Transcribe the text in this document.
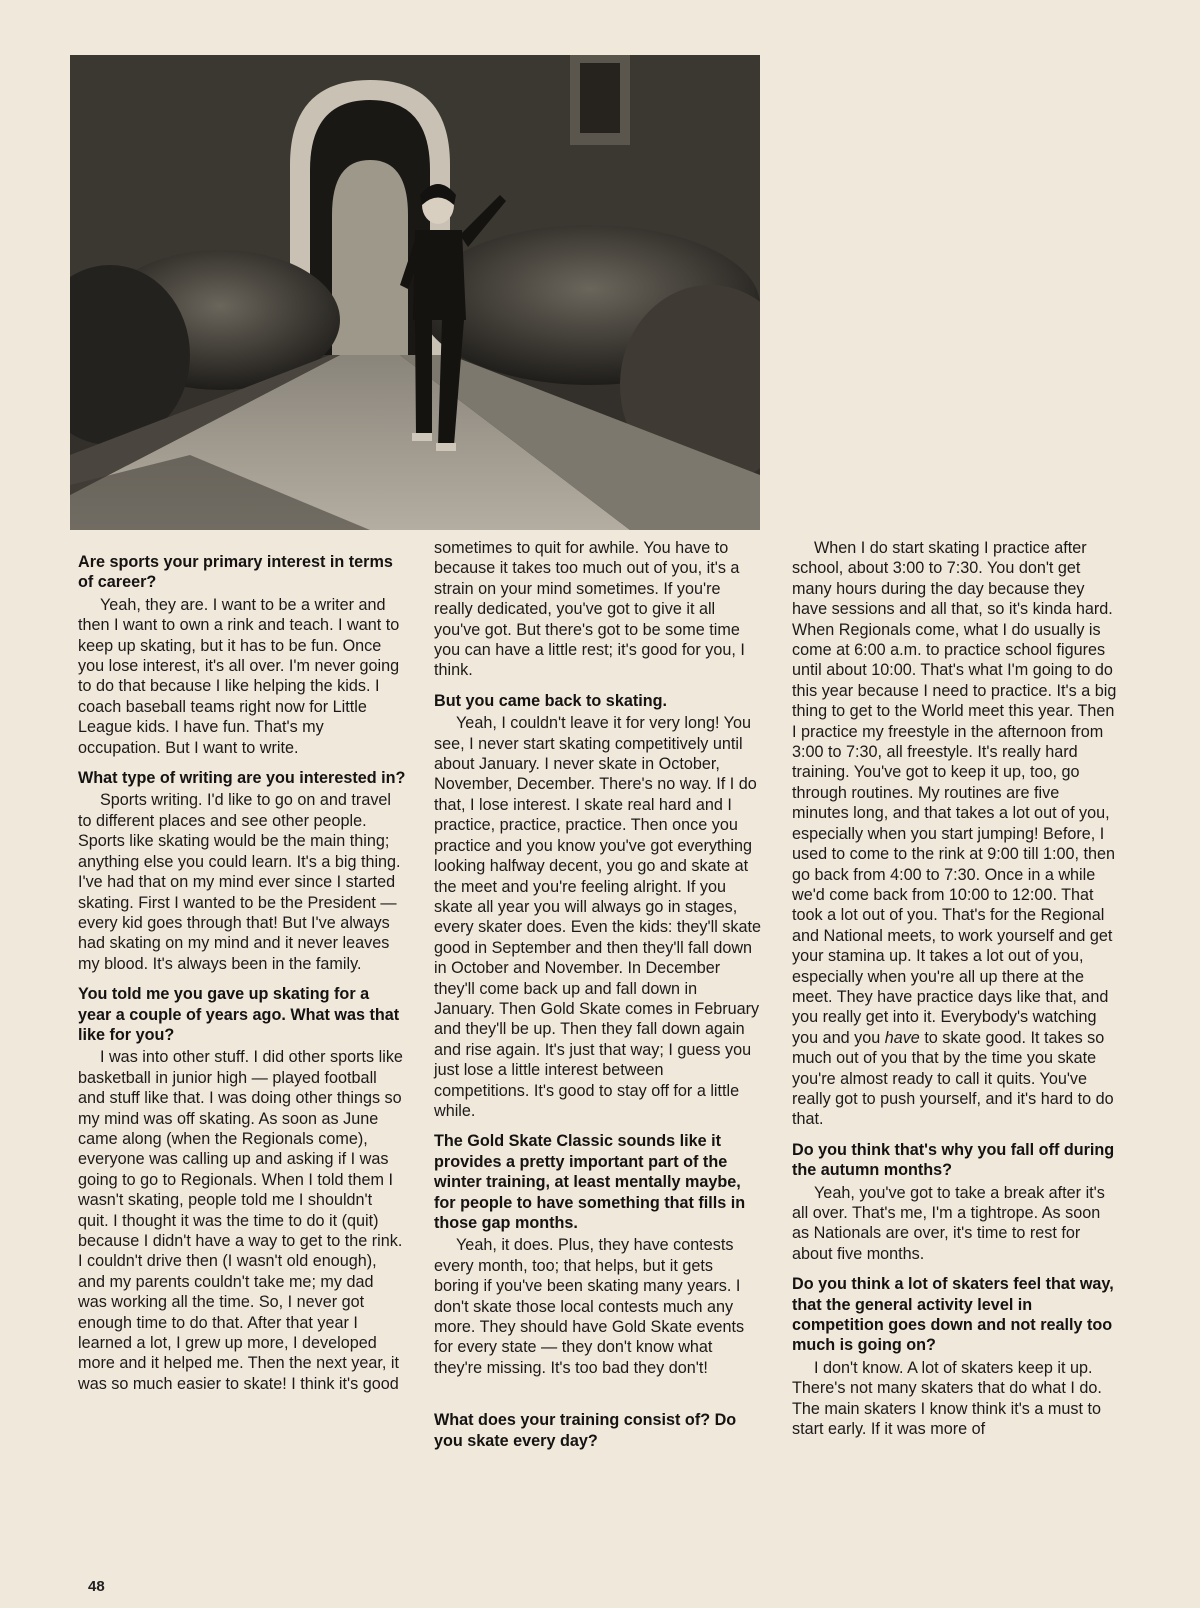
Are sports your primary interest in terms of career?

Yeah, they are. I want to be a writer and then I want to own a rink and teach. I want to keep up skating, but it has to be fun. Once you lose interest, it's all over. I'm never going to do that because I like helping the kids. I coach baseball teams right now for Little League kids. I have fun. That's my occupation. But I want to write.

What type of writing are you interested in?

Sports writing. I'd like to go on and travel to different places and see other people. Sports like skating would be the main thing; anything else you could learn. It's a big thing. I've had that on my mind ever since I started skating. First I wanted to be the President — every kid goes through that! But I've always had skating on my mind and it never leaves my blood. It's always been in the family.

You told me you gave up skating for a year a couple of years ago. What was that like for you?

I was into other stuff. I did other sports like basketball in junior high — played football and stuff like that. I was doing other things so my mind was off skating. As soon as June came along (when the Regionals come), everyone was calling up and asking if I was going to go to Regionals. When I told them I wasn't skating, people told me I shouldn't quit. I thought it was the time to do it (quit) because I didn't have a way to get to the rink. I couldn't drive then (I wasn't old enough), and my parents couldn't take me; my dad was working all the time. So, I never got enough time to do that. After that year I learned a lot, I grew up more, I developed more and it helped me. Then the next year, it was so much easier to skate! I think it's good

sometimes to quit for awhile. You have to because it takes too much out of you, it's a strain on your mind sometimes. If you're really dedicated, you've got to give it all you've got. But there's got to be some time you can have a little rest; it's good for you, I think.

But you came back to skating.

Yeah, I couldn't leave it for very long! You see, I never start skating competitively until about January. I never skate in October, November, December. There's no way. If I do that, I lose interest. I skate real hard and I practice, practice, practice. Then once you practice and you know you've got everything looking halfway decent, you go and skate at the meet and you're feeling alright. If you skate all year you will always go in stages, every skater does. Even the kids: they'll skate good in September and then they'll fall down in October and November. In December they'll come back up and fall down in January. Then Gold Skate comes in February and they'll be up. Then they fall down again and rise again. It's just that way; I guess you just lose a little interest between competitions. It's good to stay off for a little while.

The Gold Skate Classic sounds like it provides a pretty important part of the winter training, at least mentally maybe, for people to have something that fills in those gap months.

Yeah, it does. Plus, they have contests every month, too; that helps, but it gets boring if you've been skating many years. I don't skate those local contests much any more. They should have Gold Skate events for every state — they don't know what they're missing. It's too bad they don't!

What does your training consist of? Do you skate every day?

When I do start skating I practice after school, about 3:00 to 7:30. You don't get many hours during the day because they have sessions and all that, so it's kinda hard. When Regionals come, what I do usually is come at 6:00 a.m. to practice school figures until about 10:00. That's what I'm going to do this year because I need to practice. It's a big thing to get to the World meet this year. Then I practice my freestyle in the afternoon from 3:00 to 7:30, all freestyle. It's really hard training. You've got to keep it up, too, go through routines. My routines are five minutes long, and that takes a lot out of you, especially when you start jumping! Before, I used to come to the rink at 9:00 till 1:00, then go back from 4:00 to 7:30. Once in a while we'd come back from 10:00 to 12:00. That took a lot out of you. That's for the Regional and National meets, to work yourself and get your stamina up. It takes a lot out of you, especially when you're all up there at the meet. They have practice days like that, and you really get into it. Everybody's watching you and you have to skate good. It takes so much out of you that by the time you skate you're almost ready to call it quits. You've really got to push yourself, and it's hard to do that.

Do you think that's why you fall off during the autumn months?

Yeah, you've got to take a break after it's all over. That's me, I'm a tightrope. As soon as Nationals are over, it's time to rest for about five months.

Do you think a lot of skaters feel that way, that the general activity level in competition goes down and not really too much is going on?

I don't know. A lot of skaters keep it up. There's not many skaters that do what I do. The main skaters I know think it's a must to start early. If it was more of

48
